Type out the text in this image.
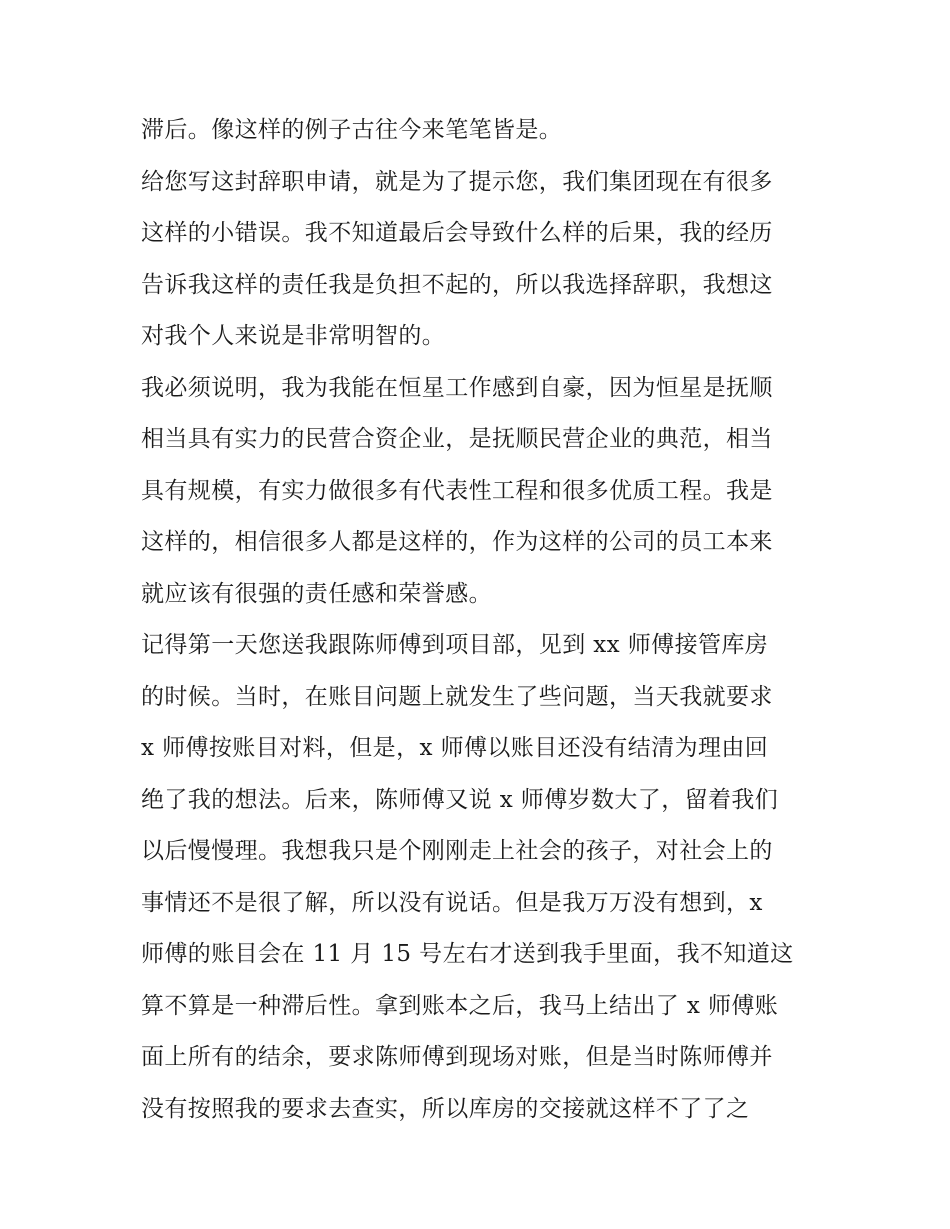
滞后。像这样的例子古往今来笔笔皆是。
给您写这封辞职申请，就是为了提示您，我们集团现在有很多
这样的小错误。我不知道最后会导致什么样的后果，我的经历
告诉我这样的责任我是负担不起的，所以我选择辞职，我想这
对我个人来说是非常明智的。
我必须说明，我为我能在恒星工作感到自豪，因为恒星是抚顺
相当具有实力的民营合资企业，是抚顺民营企业的典范，相当
具有规模，有实力做很多有代表性工程和很多优质工程。我是
这样的，相信很多人都是这样的，作为这样的公司的员工本来
就应该有很强的责任感和荣誉感。
记得第一天您送我跟陈师傅到项目部，见到 xx 师傅接管库房
的时候。当时，在账目问题上就发生了些问题，当天我就要求
x 师傅按账目对料，但是，x 师傅以账目还没有结清为理由回
绝了我的想法。后来，陈师傅又说 x 师傅岁数大了，留着我们
以后慢慢理。我想我只是个刚刚走上社会的孩子，对社会上的
事情还不是很了解，所以没有说话。但是我万万没有想到，x
师傅的账目会在 11 月 15 号左右才送到我手里面，我不知道这
算不算是一种滞后性。拿到账本之后，我马上结出了 x 师傅账
面上所有的结余，要求陈师傅到现场对账，但是当时陈师傅并
没有按照我的要求去查实，所以库房的交接就这样不了了之
